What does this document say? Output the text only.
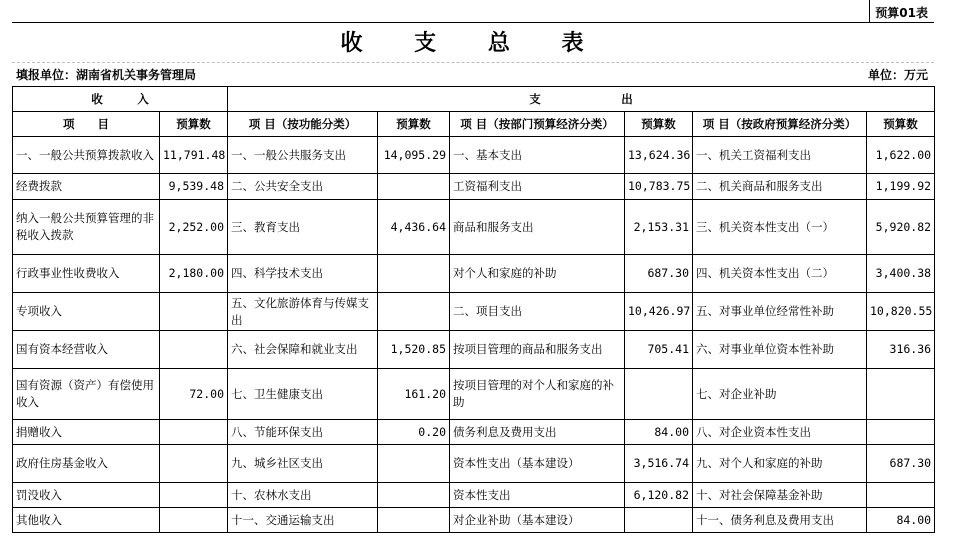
预算01表
收 支 总 表
填报单位：湖南省机关事务管理局	单位：万元
收　　　入		支　　　　　　　出					
项　　目	预算数	项 目（按功能分类）	预算数	项 目（按部门预算经济分类）	预算数	项 目（按政府预算经济分类）	预算数
一、一般公共预算拨款收入	11,791.48	一、一般公共服务支出	14,095.29	一、基本支出	13,624.36	一、机关工资福利支出	1,622.00
经费拨款	9,539.48	二、公共安全支出		工资福利支出	10,783.75	二、机关商品和服务支出	1,199.92
纳入一般公共预算管理的非税收入拨款	2,252.00	三、教育支出	4,436.64	商品和服务支出	2,153.31	三、机关资本性支出（一）	5,920.82
行政事业性收费收入	2,180.00	四、科学技术支出		对个人和家庭的补助	687.30	四、机关资本性支出（二）	3,400.38
专项收入		五、文化旅游体育与传媒支出		二、项目支出	10,426.97	五、对事业单位经常性补助	10,820.55
国有资本经营收入		六、社会保障和就业支出	1,520.85	按项目管理的商品和服务支出	705.41	六、对事业单位资本性补助	316.36
国有资源（资产）有偿使用收入	72.00	七、卫生健康支出	161.20	按项目管理的对个人和家庭的补助		七、对企业补助	
捐赠收入		八、节能环保支出	0.20	债务利息及费用支出	84.00	八、对企业资本性支出	
政府住房基金收入		九、城乡社区支出		资本性支出（基本建设）	3,516.74	九、对个人和家庭的补助	687.30
罚没收入		十、农林水支出		资本性支出	6,120.82	十、对社会保障基金补助	
其他收入		十一、交通运输支出		对企业补助（基本建设）		十一、债务利息及费用支出	84.00
